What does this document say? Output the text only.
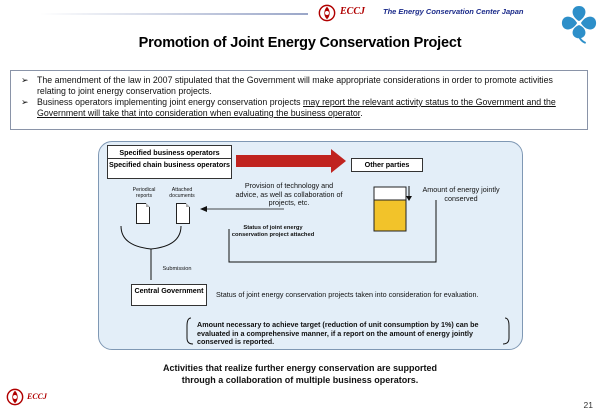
ECCJ The Energy Conservation Center Japan
Promotion of Joint Energy Conservation Project
➢ The amendment of the law in 2007 stipulated that the Government will make appropriate considerations in order to promote activities relating to joint energy conservation projects.
➢ Business operators implementing joint energy conservation projects may report the relevant activity status to the Government and the Government will take that into consideration when evaluating the business operator.
Specified business operators
Specified chain business operators
Periodical reports
Attached documents
Provision of technology and advice, as well as collaboration of projects, etc.
Status of joint energy conservation project attached
Other parties
Amount of energy jointly conserved
Submission
Central Government	Status of joint energy conservation projects taken into consideration for evaluation.
Amount necessary to achieve target (reduction of unit consumption by 1%) can be evaluated in a comprehensive manner, if a report on the amount of energy jointly conserved is reported.
Activities that realize further energy conservation are supported
through a collaboration of multiple business operators.
ECCJ
21
